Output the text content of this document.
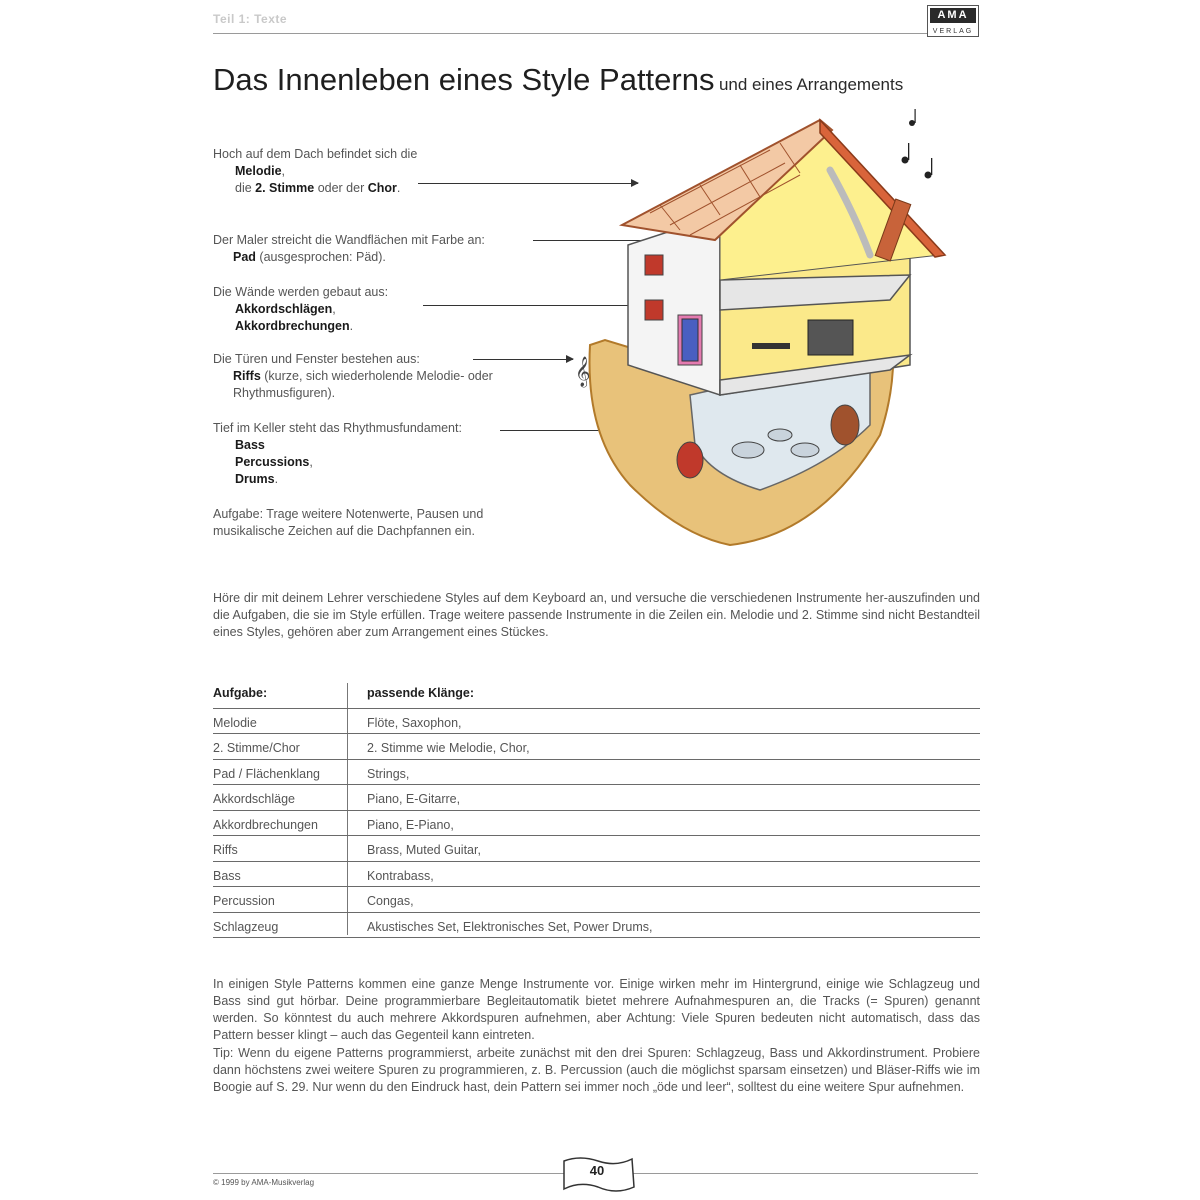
Teil 1: Texte	AMA
VERLAG
Das Innenleben eines Style Patterns und eines Arrangements
Hoch auf dem Dach befindet sich die
Melodie,
die 2. Stimme oder der Chor.
Der Maler streicht die Wandflächen mit Farbe an:
Pad (ausgesprochen: Päd).
Die Wände werden gebaut aus:
Akkordschlägen,
Akkordbrechungen.
Die Türen und Fenster bestehen aus:
Riffs (kurze, sich wiederholende Melodie- oder
Rhythmusfiguren).
Tief im Keller steht das Rhythmusfundament:
Bass
Percussions,
Drums.
Aufgabe: Trage weitere Notenwerte, Pausen und
musikalische Zeichen auf die Dachpfannen ein.
𝄞
Höre dir mit deinem Lehrer verschiedene Styles auf dem Keyboard an, und versuche die verschiedenen Instrumente her-auszufinden und die Aufgaben, die sie im Style erfüllen. Trage weitere passende Instrumente in die Zeilen ein. Melodie und 2. Stimme sind nicht Bestandteil eines Styles, gehören aber zum Arrangement eines Stückes.
Aufgabe:	passende Klänge:
Melodie	Flöte, Saxophon,
2. Stimme/Chor	2. Stimme wie Melodie, Chor,
Pad / Flächenklang	Strings,
Akkordschläge	Piano, E-Gitarre,
Akkordbrechungen	Piano, E-Piano,
Riffs	Brass, Muted Guitar,
Bass	Kontrabass,
Percussion	Congas,
Schlagzeug	Akustisches Set, Elektronisches Set, Power Drums,
In einigen Style Patterns kommen eine ganze Menge Instrumente vor. Einige wirken mehr im Hintergrund, einige wie Schlagzeug und Bass sind gut hörbar. Deine programmierbare Begleitautomatik bietet mehrere Aufnahmespuren an, die Tracks (= Spuren) genannt werden. So könntest du auch mehrere Akkordspuren aufnehmen, aber Achtung: Viele Spuren bedeuten nicht automatisch, dass das Pattern besser klingt – auch das Gegenteil kann eintreten.
Tip: Wenn du eigene Patterns programmierst, arbeite zunächst mit den drei Spuren: Schlagzeug, Bass und Akkordinstrument. Probiere dann höchstens zwei weitere Spuren zu programmieren, z. B. Percussion (auch die möglichst sparsam einsetzen) und Bläser-Riffs wie im Boogie auf S. 29. Nur wenn du den Eindruck hast, dein Pattern sei immer noch „öde und leer“, solltest du eine weitere Spur aufnehmen.
© 1999 by AMA-Musikverlag
40
